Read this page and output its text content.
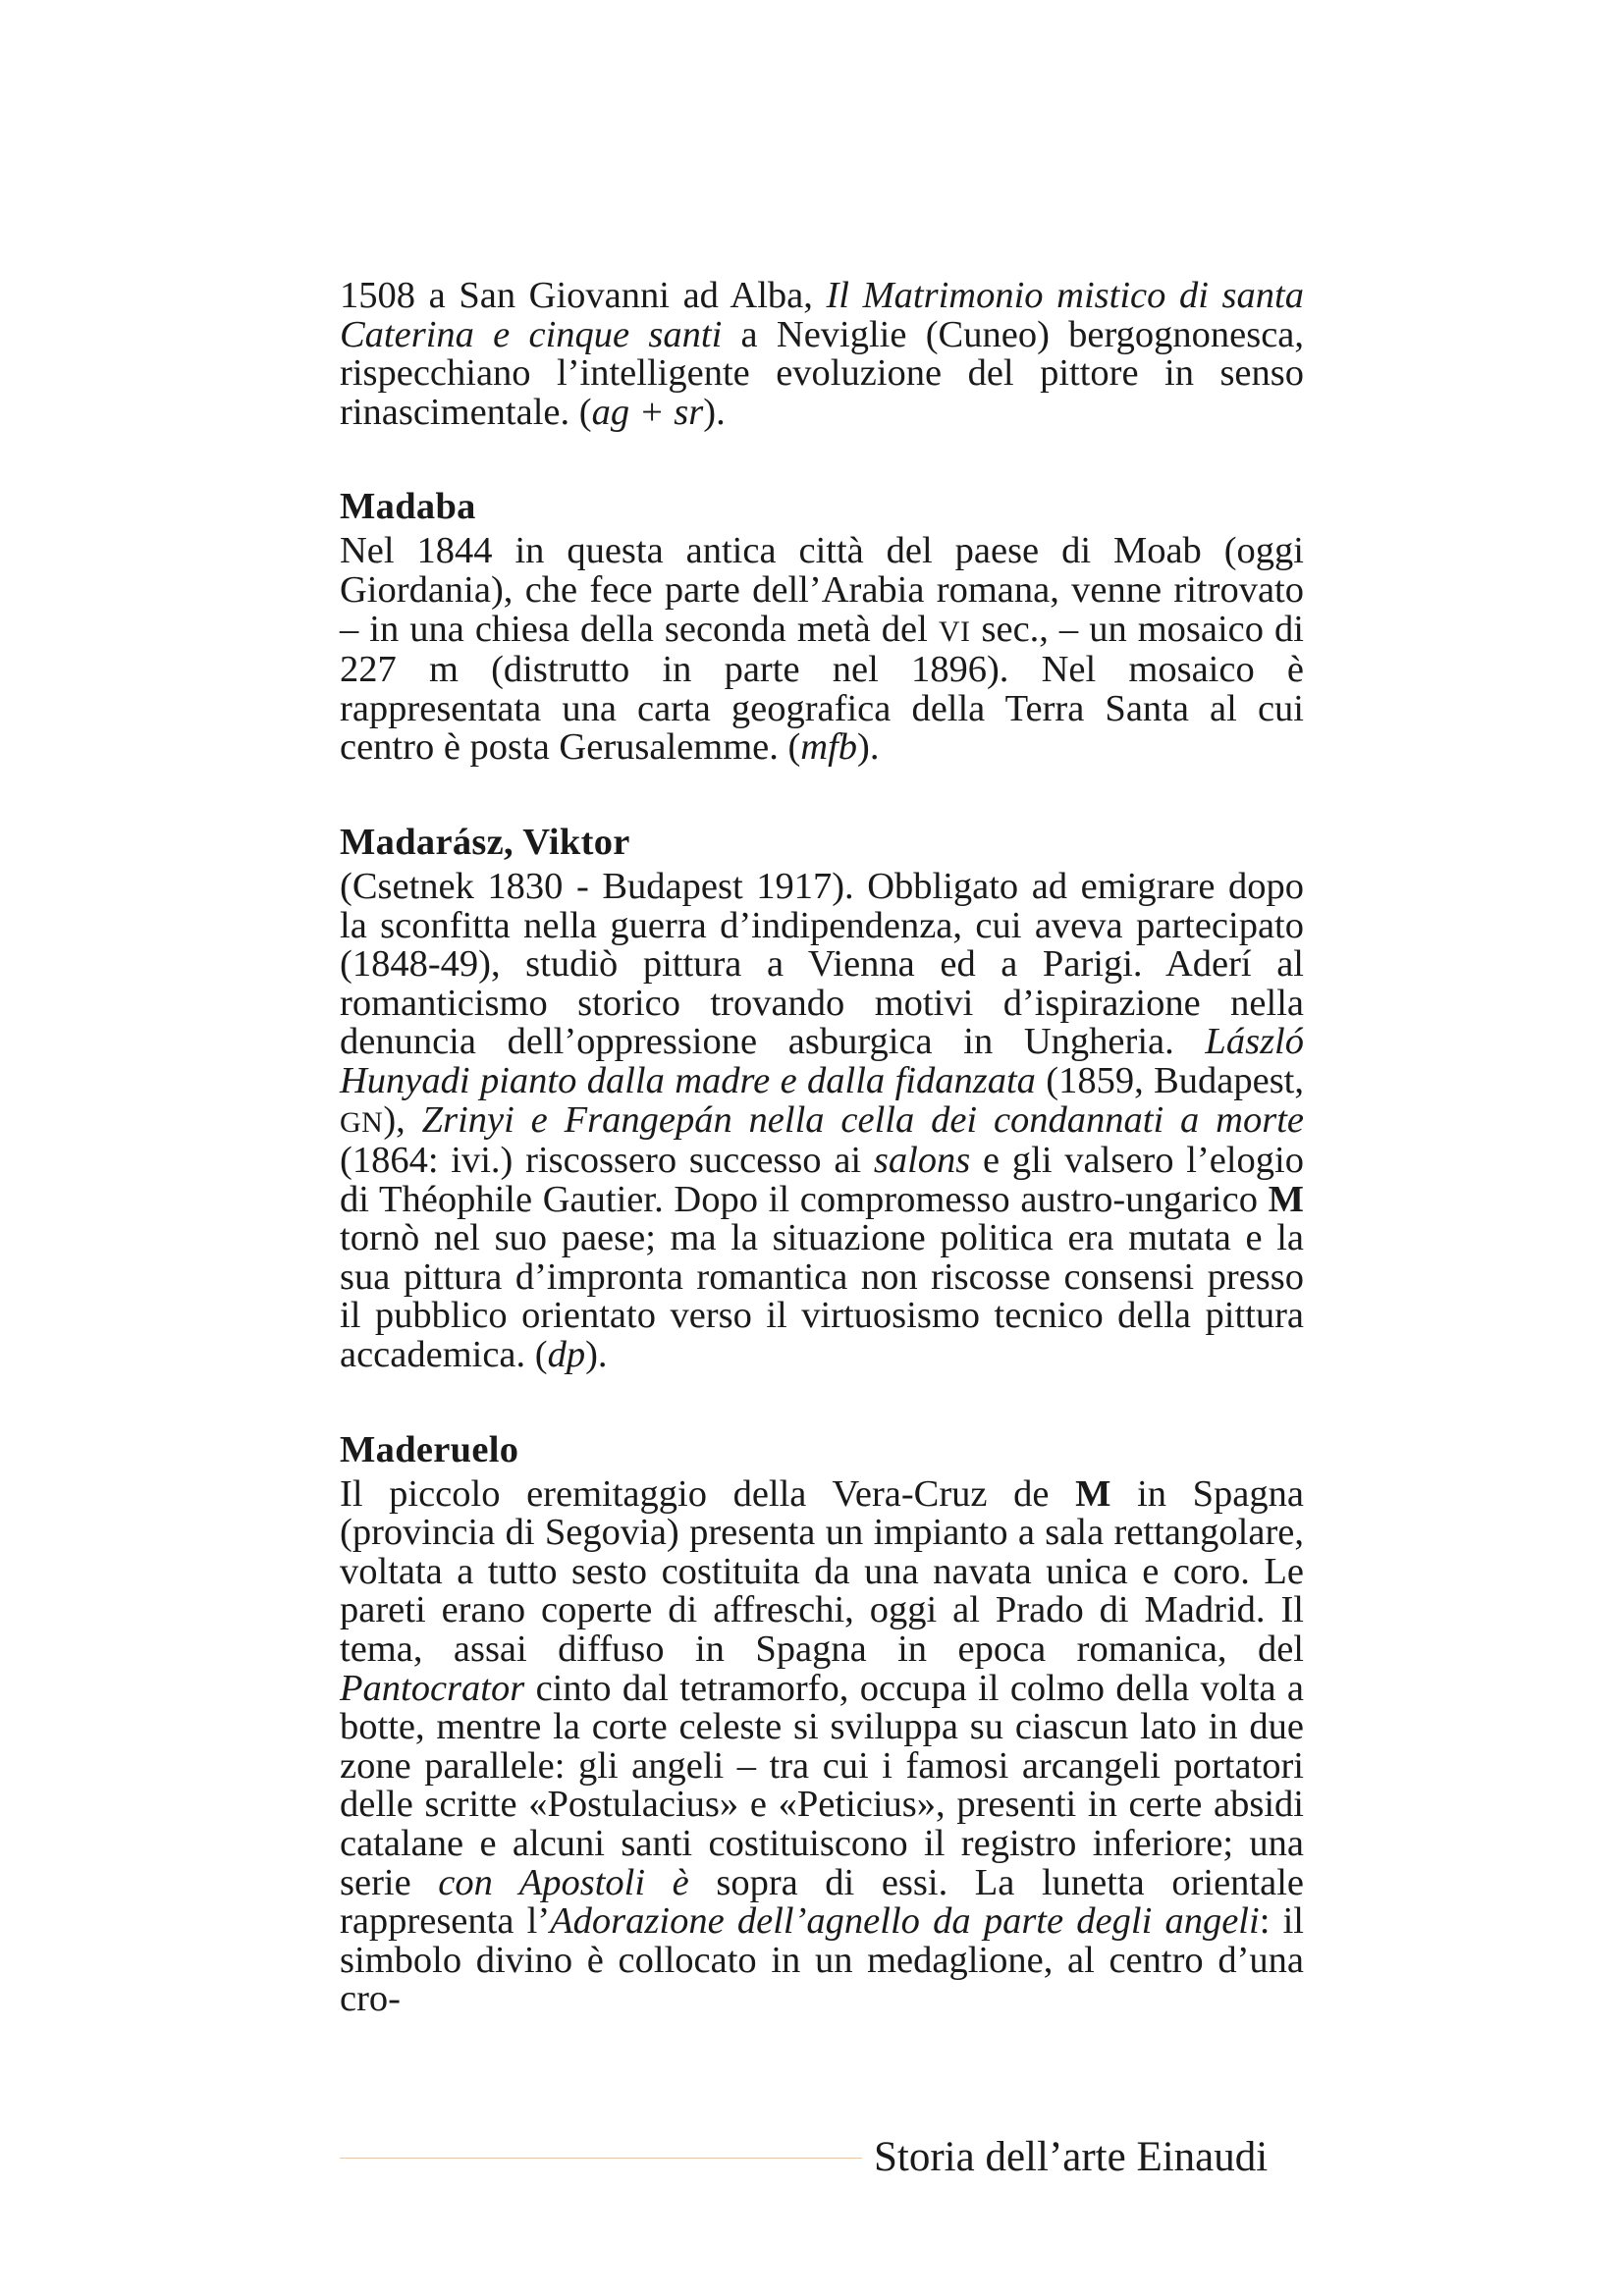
1508 a San Giovanni ad Alba, Il Matrimonio mistico di santa Caterina e cinque santi a Neviglie (Cuneo) bergognonesca, rispecchiano l’intelligente evoluzione del pittore in senso rinascimentale. (ag + sr).

Madaba

Nel 1844 in questa antica città del paese di Moab (oggi Giordania), che fece parte dell’Arabia romana, venne ritrovato – in una chiesa della seconda metà del VI sec., – un mosaico di 227 m (distrutto in parte nel 1896). Nel mosaico è rappresentata una carta geografica della Terra Santa al cui centro è posta Gerusalemme. (mfb).

Madarász, Viktor

(Csetnek 1830 - Budapest 1917). Obbligato ad emigrare dopo la sconfitta nella guerra d’indipendenza, cui aveva partecipato (1848-49), studiò pittura a Vienna ed a Parigi. Aderí al romanticismo storico trovando motivi d’ispirazione nella denuncia dell’oppressione asburgica in Ungheria. László Hunyadi pianto dalla madre e dalla fidanzata (1859, Budapest, GN), Zrinyi e Frangepán nella cella dei condannati a morte (1864: ivi.) riscossero successo ai salons e gli valsero l’elogio di Théophile Gautier. Dopo il compromesso austro-ungarico M tornò nel suo paese; ma la situazione politica era mutata e la sua pittura d’impronta romantica non riscosse consensi presso il pubblico orientato verso il virtuosismo tecnico della pittura accademica. (dp).

Maderuelo

Il piccolo eremitaggio della Vera-Cruz de M in Spagna (provincia di Segovia) presenta un impianto a sala rettangolare, voltata a tutto sesto costituita da una navata unica e coro. Le pareti erano coperte di affreschi, oggi al Prado di Madrid. Il tema, assai diffuso in Spagna in epoca romanica, del Pantocrator cinto dal tetramorfo, occupa il colmo della volta a botte, mentre la corte celeste si sviluppa su ciascun lato in due zone parallele: gli angeli – tra cui i famosi arcangeli portatori delle scritte «Postulacius» e «Peticius», presenti in certe absidi catalane e alcuni santi costituiscono il registro inferiore; una serie con Apostoli è sopra di essi. La lunetta orientale rappresenta l’Adorazione dell’agnello da parte degli angeli: il simbolo divino è collocato in un medaglione, al centro d’una cro-

Storia dell’arte Einaudi
